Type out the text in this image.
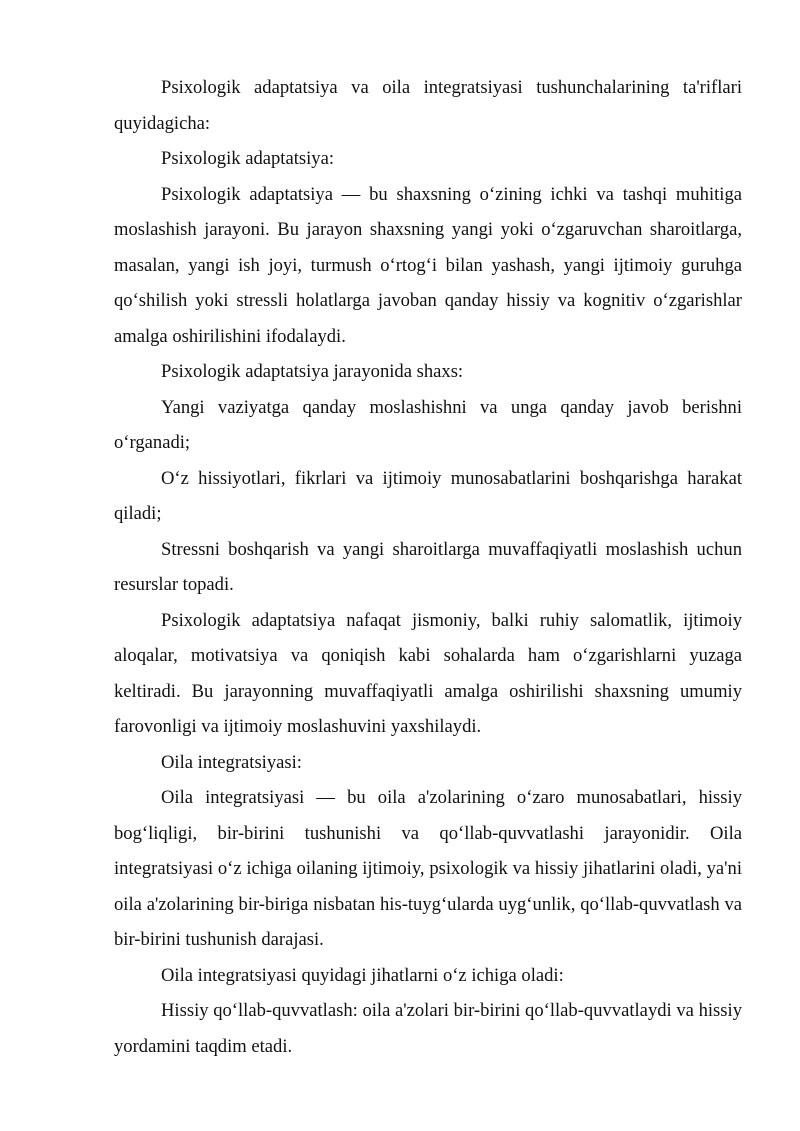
Psixologik adaptatsiya va oila integratsiyasi tushunchalarining ta'riflari quyidagicha:

Psixologik adaptatsiya:

Psixologik adaptatsiya — bu shaxsning o‘zining ichki va tashqi muhitiga moslashish jarayoni. Bu jarayon shaxsning yangi yoki o‘zgaruvchan sharoitlarga, masalan, yangi ish joyi, turmush o‘rtog‘i bilan yashash, yangi ijtimoiy guruhga qo‘shilish yoki stressli holatlarga javoban qanday hissiy va kognitiv o‘zgarishlar amalga oshirilishini ifodalaydi.

Psixologik adaptatsiya jarayonida shaxs:

Yangi vaziyatga qanday moslashishni va unga qanday javob berishni o‘rganadi;

O‘z hissiyotlari, fikrlari va ijtimoiy munosabatlarini boshqarishga harakat qiladi;

Stressni boshqarish va yangi sharoitlarga muvaffaqiyatli moslashish uchun resurslar topadi.

Psixologik adaptatsiya nafaqat jismoniy, balki ruhiy salomatlik, ijtimoiy aloqalar, motivatsiya va qoniqish kabi sohalarda ham o‘zgarishlarni yuzaga keltiradi. Bu jarayonning muvaffaqiyatli amalga oshirilishi shaxsning umumiy farovonligi va ijtimoiy moslashuvini yaxshilaydi.

Oila integratsiyasi:

Oila integratsiyasi — bu oila a'zolarining o‘zaro munosabatlari, hissiy bog‘liqligi, bir-birini tushunishi va qo‘llab-quvvatlashi jarayonidir. Oila integratsiyasi o‘z ichiga oilaning ijtimoiy, psixologik va hissiy jihatlarini oladi, ya'ni oila a'zolarining bir-biriga nisbatan his-tuyg‘ularda uyg‘unlik, qo‘llab-quvvatlash va bir-birini tushunish darajasi.

Oila integratsiyasi quyidagi jihatlarni o‘z ichiga oladi:

Hissiy qo‘llab-quvvatlash: oila a'zolari bir-birini qo‘llab-quvvatlaydi va hissiy yordamini taqdim etadi.
